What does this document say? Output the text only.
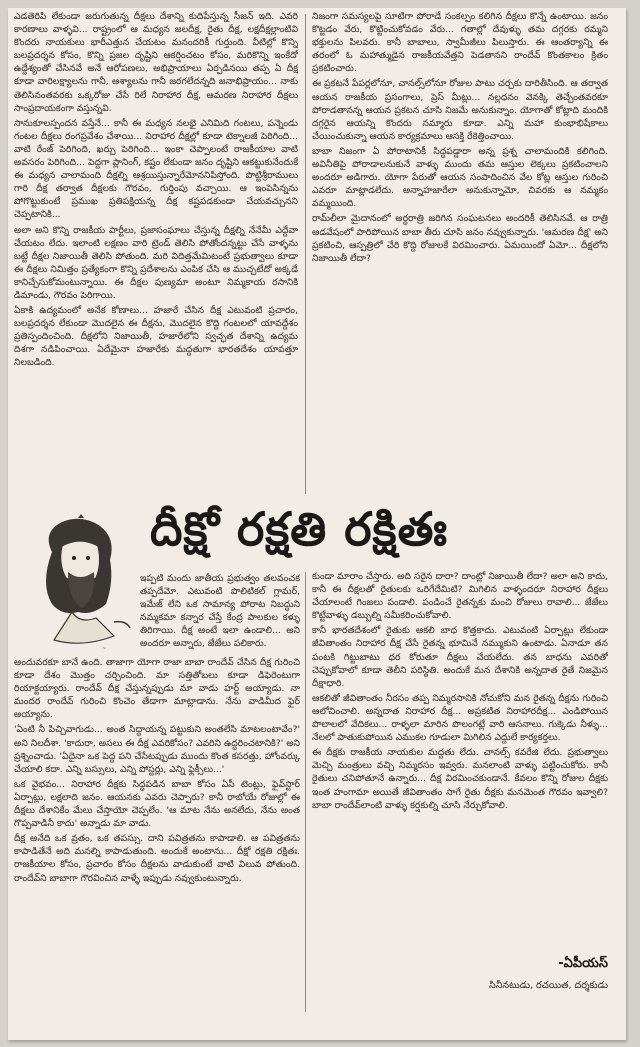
ఎడతెరిపి లేకుండా జరుగుతున్న దీక్షలు దేశాన్ని కుదిపేస్తున్న సీజన్ ఇది. ఎవరి కారణాలు వాళ్ళవి... రాష్ట్రంలో ఆ మధ్యన జలదీక్ష, రైతు దీక్ష, లక్షదీక్షల్లాంటివి కొందరు నాయకులు భారీఎత్తున చేయటం మనందరికీ గుర్తుంది. వీటిల్లో కొన్ని బలప్రదర్శన కోసం, కొన్ని ప్రజల దృష్టిని ఆకర్షించటం కోసం, మరికొన్ని ఇంకేదో ఉద్దేశ్యంతో చేసినవే అనే ఆరోపణలు, అభిప్రాయాలు ఏర్పడినయి తప్ప ఏ దీక్ష కూడా వారిలక్ష్యాలను గానీ, ఆశ్యాలను గానీ జరగలేదన్నది జనాభిప్రాయం... నాకు తెలిసినంతవరకు ఒక్కరోజు చేసే రిలే నిరాహార దీక్ష, ఆమరణ నిరాహార దీక్షలు సాంప్రదాయకంగా వస్తున్నవి.

సానుకూలస్పందన వస్తేనే... కానీ ఈ మధ్యన నలభై ఎనిమిది గంటలు, పన్నెండు గంటల దీక్షలు రంగప్రవేశం చేశాయి... నిరాహార దీక్షల్లో కూడా టెక్నాలజీ పెరిగింది... వాటి రేంజ్ పెరిగింది, ఖర్చు పెరిగింది... ఇంకా చెప్పాలంటే రాజకీయాల వాటి అవసరం పెరిగింది... పెద్దగా ప్లానింగ్, కష్టం లేకుండా జనం దృష్టిని ఆకట్టుకునేందుకే ఈ మధ్యన చాలామంది దీక్షల్ని ఆశ్రయిస్తున్నారేమోననిపిస్తోంది. పొట్టిశ్రీరాములు గారి దీక్ష తర్వాత దీక్షలకు గౌరవం, గుర్తింపు వచ్చాయి. ఆ ఇంపెసిన్నను పోగొట్టుకుంటే ప్రముఖ ప్రతిపక్షియన్న దీక్ష కష్టపడకుండా చేయవచ్చునని చెప్పటానికి...

అలా అని కొన్ని రాజకీయ పార్టీలు, ప్రజాసంఘాలు చేస్తున్న దీక్షల్ని నేనేమీ ఎద్దేవా చేయటం లేదు. ఇలాంటి లక్షణం వారి ట్రెండ్ తెలిసి పోతోందన్నట్టు చేసే వాళ్ళను బట్టే దీక్షల నిజాయితీ తెలిసి పోతుంది. మరి విదిత్తమేమిటంటే ప్రభుత్వాలు కూడా ఈ దీక్షలు నిమిత్తం ప్రత్యేకంగా కొన్ని ప్రదేశాలను ఎంపిక చేసి ఆ ముచ్చటేదో అక్కడే కానిచ్చేసుకోమంటున్నాయి. ఈ దీక్షల పుణ్యమా అంటూ నిమ్మకాయ రసానికి డిమాండు, గౌరవం పెరిగాయి.

ఏకాకి ఉద్యమంలో అనేక కోణాలు... హజారే చేసిన దీక్ష ఎటువంటి ప్రచారం, బలప్రదర్శన లేకుండా మొదలైన ఈ దీక్షను, మొదలైన కొద్ది గంటలలో యావద్దేశం ప్రతిస్పందించింది. దీక్షలోని నిజాయితీ, హజారేలోని స్వచ్ఛత దేశాన్ని ఉద్యమ దిశగా నడిపించాయి. ఏదేమైనా హజారేకు మద్దతుగా భారతదేశం యావత్తూ నిలబడింది.

నిజంగా సమస్యలపై సూటిగా పోరాడే సంకల్పం కలిగిన దీక్షలు కొన్నే ఉంటాయి. జనం కొట్టడం వేరు, కొట్టించుకోవడం వేరు... గతాల్లో దేవుళ్ళు తమ దగ్గరకు రమ్మని భక్తులను పిలవరు. కానీ బాబాలు, స్వామీజీలు పిలుస్తారు. ఈ ఆంతర్యాన్ని ఈ తరంలో ఓ మహాత్ముడైన రాజకీయవేత్తని పెడతానని రాందేవ్ కొంతకాలం క్రితం ప్రకటించారు.

ఈ ప్రకటనే పేపర్లలోనూ, చానల్స్‌లోనూ రోజుల పాటు చర్చకు దారితీసింది. ఆ తర్వాత ఆయన రాజకీయ ప్రసంగాలు, ప్రెస్ మీట్లు... నల్లధనం వెనక్కి తెచ్చేంతవరకూ పోరాడతానన్న ఆయన ప్రకటన చూసి నిజమే అనుకున్నాం. యోగాతో కోట్లాది మందికి దగ్గరైన ఆయన్ని కొందరు నమ్మారు కూడా. ఎన్ని మహా కుంభాభిషేకాలు చేయించుకున్నా ఆయన కార్యక్రమాలు ఆసక్తి రేకెత్తించాయి.

బాబా నిజంగా ఏ పోరాటానికీ సిద్ధపడ్డారా అన్న ప్రశ్న చాలామందికి కలిగింది. అవినీతిపై పోరాడాలనుకునే వాళ్ళు ముందు తమ ఆస్తుల లెక్కలు ప్రకటించాలని అందరూ అడిగారు. యోగా పేరుతో ఆయన సంపాదించిన వేల కోట్ల ఆస్తుల గురించి ఎవరూ మాట్లాడలేదు. అన్నాహజారేలా అనుకున్నామో, చివరకు ఆ నమ్మకం వమ్మయింది.

రామ్‌లీలా మైదానంలో అర్ధరాత్రి జరిగిన సంఘటనలు అందరికీ తెలిసినవే. ఆ రాత్రి ఆడవేషంలో పారిపోయిన బాబా తీరు చూసి జనం నవ్వుకున్నారు. 'ఆమరణ దీక్ష' అని ప్రకటించి, ఆస్పత్రిలో చేరి కొద్ది రోజులకే విరమించారు. ఏమయిందో ఏమో... దీక్షలోని నిజాయితీ లేదా?

దీక్షో రక్షతి రక్షితః
~

ఇప్పటి మందు జాతీయ ప్రభుత్వం తలవంచక తప్పదేమో. ఎటువంటి పొలిటికల్ గ్లామర్, ఇమేజ్ లేని ఒక సామాన్య పోరాట నిబద్ధుని నమ్మకమా కన్నార చేస్తే కేంద్ర పాలకుల కళ్ళు తిరిగాయి. దీక్ష అంటే ఇలా ఉండాలి... అని అందరూ అన్నారు, జేజేలు పలికారు.

అందువరకూ బానే ఉంది. తాజాగా యోగా రాజా బాబా రాందేవ్ చేసిన దీక్ష గురించి కూడా దేశం మొత్తం చర్చించింది. మా సత్తితోబలు కూడా డిఫెరెంటుగా రియాక్టయ్యారు. రాందేవ్ దీక్ష చేస్తున్నప్పుడు మా వాడు హర్ట్ అయ్యాడు. నా మందర రాందేవ్ గురించి కొంచెం తేడాగా మాట్లాడాను. నేను వాడిమీద ఫైర్ అయ్యాను.

'ఏంటి నీ పిచ్చివాగుడు... అంత సిద్ధాయన్న పట్టుకుని అంతలేసి మాటలంటావేం?' అని నిలదీశా. 'కాదురా, అసలు ఈ దీక్ష ఎవరికోసం? ఎవరిని ఉద్ధరించటానికి?' అని ప్రశ్నించాడు. 'ఏదైనా ఒక పెద్ద పని చేసేటప్పుడు ముందు కొంత కసరత్తు, హోంవర్కు చేయాలి కదా. ఎన్ని బస్సులు, ఎన్ని పోస్టర్లు, ఎన్ని ఫ్లెక్సీలు...'

ఒక వైభవం... నిరాహార దీక్షకు సిద్ధపడిన బాబా కోసం ఏసీ టెంట్లు, ఫైవ్‌స్టార్ ఏర్పాట్లు, లక్షలాది జనం. ఆయనకు ఎవరు చెప్పారు? కానీ రాబోయే రోజుల్లో ఈ దీక్షలు దేశానికేం మేలు చేస్తాయో చెప్పలేం. 'ఆ మాట నేను అనలేదు, నేను అంత గొప్పవాడినీ కాదు' అన్నాడు మా వాడు.

దీక్ష అనేది ఒక వ్రతం, ఒక తపస్సు. దాని పవిత్రతను కాపాడాలి. ఆ పవిత్రతను కాపాడితేనే అది మనల్ని కాపాడుతుంది. అందుకే అంటాను... దీక్షో రక్షతి రక్షితః. రాజకీయాల కోసం, ప్రచారం కోసం దీక్షలను వాడుకుంటే వాటి విలువ పోతుంది. రాందేవ్‌ని బాబాగా గౌరవించిన వాళ్ళే ఇప్పుడు నవ్వుకుంటున్నారు.

కుండా మారాం చేస్తారు. అది సరైన దారా? దాంట్లో నిజాయితీ లేదా? అలా అని కాదు, కానీ ఈ దీక్షలతో రైతులకు ఒరిగేదేమిటి? మిగిలిన వాళ్ళందరూ నిరాహార దీక్షలు చేయాలంటే గింజలు పండాలి. పండించే రైతన్నకు మంచి రోజులు రావాలి... జేజేలు కొట్టేవాళ్ళు డబ్బుల్ని సమీకరించుకోవాలి.

కానీ భారతదేశంలో రైతుకు ఆకలి బాధ కొత్తకాదు. ఎటువంటి ఏర్పాట్లు లేకుండా జీవితాంతం నిరాహార దీక్ష చేసే రైతన్న భూమినే నమ్ముకుని ఉంటాడు. ఏనాడూ తన పంటకి గిట్టుబాటు ధర కోరుతూ దీక్షలు చేయలేదు. తన బాధను ఎవరితో చెప్పుకోవాలో కూడా తెలీని పరిస్థితి. అందుకే మన దేశానికి అన్నదాత రైతే నిజమైన దీక్షాధారి.

ఆకలితో జీవితాంతం నీరసం తప్ప నిమ్మరసానికి నోచుకోని మన రైతన్న దీక్షను గురించి ఆలోచించాలి. అన్నదాత నిరాహార దీక్ష... అప్రకటిత నిరాహారదీక్ష... ఎండిపోయిన పొలాలలో వేదికలు... రాళ్ళలా మారిన పొలంగట్లే వారి ఆసనాలు. గుక్కెడు నీళ్ళు... నేలలో పాతుకుపోయిన ఎముకల గూడులా మిగిలిన ఎద్దులే కార్యకర్తలు.

ఈ దీక్షకు రాజకీయ నాయకుల మద్దతు లేదు. చానల్స్ కవరేజి లేదు. ప్రభుత్వాలు మెచ్చి మంత్రులు వచ్చి నిమ్మరసం ఇవ్వరు. మనలాంటి వాళ్ళు పట్టించుకోరు. కానీ రైతులు చనిపోతూనే ఉన్నారు... దీక్ష విరమించకుండానే. కేవలం కొన్ని రోజుల దీక్షకు ఇంత హంగామా అయితే జీవితాంతం సాగే రైతు దీక్షకు మనమెంత గౌరవం ఇవ్వాలి? బాబా రాందేవ్‌లాంటి వాళ్ళు కర్షకుల్ని చూసి నేర్చుకోవాలి.

-ఏపీయస్
సినీనటుడు, రచయిత, దర్శకుడు
